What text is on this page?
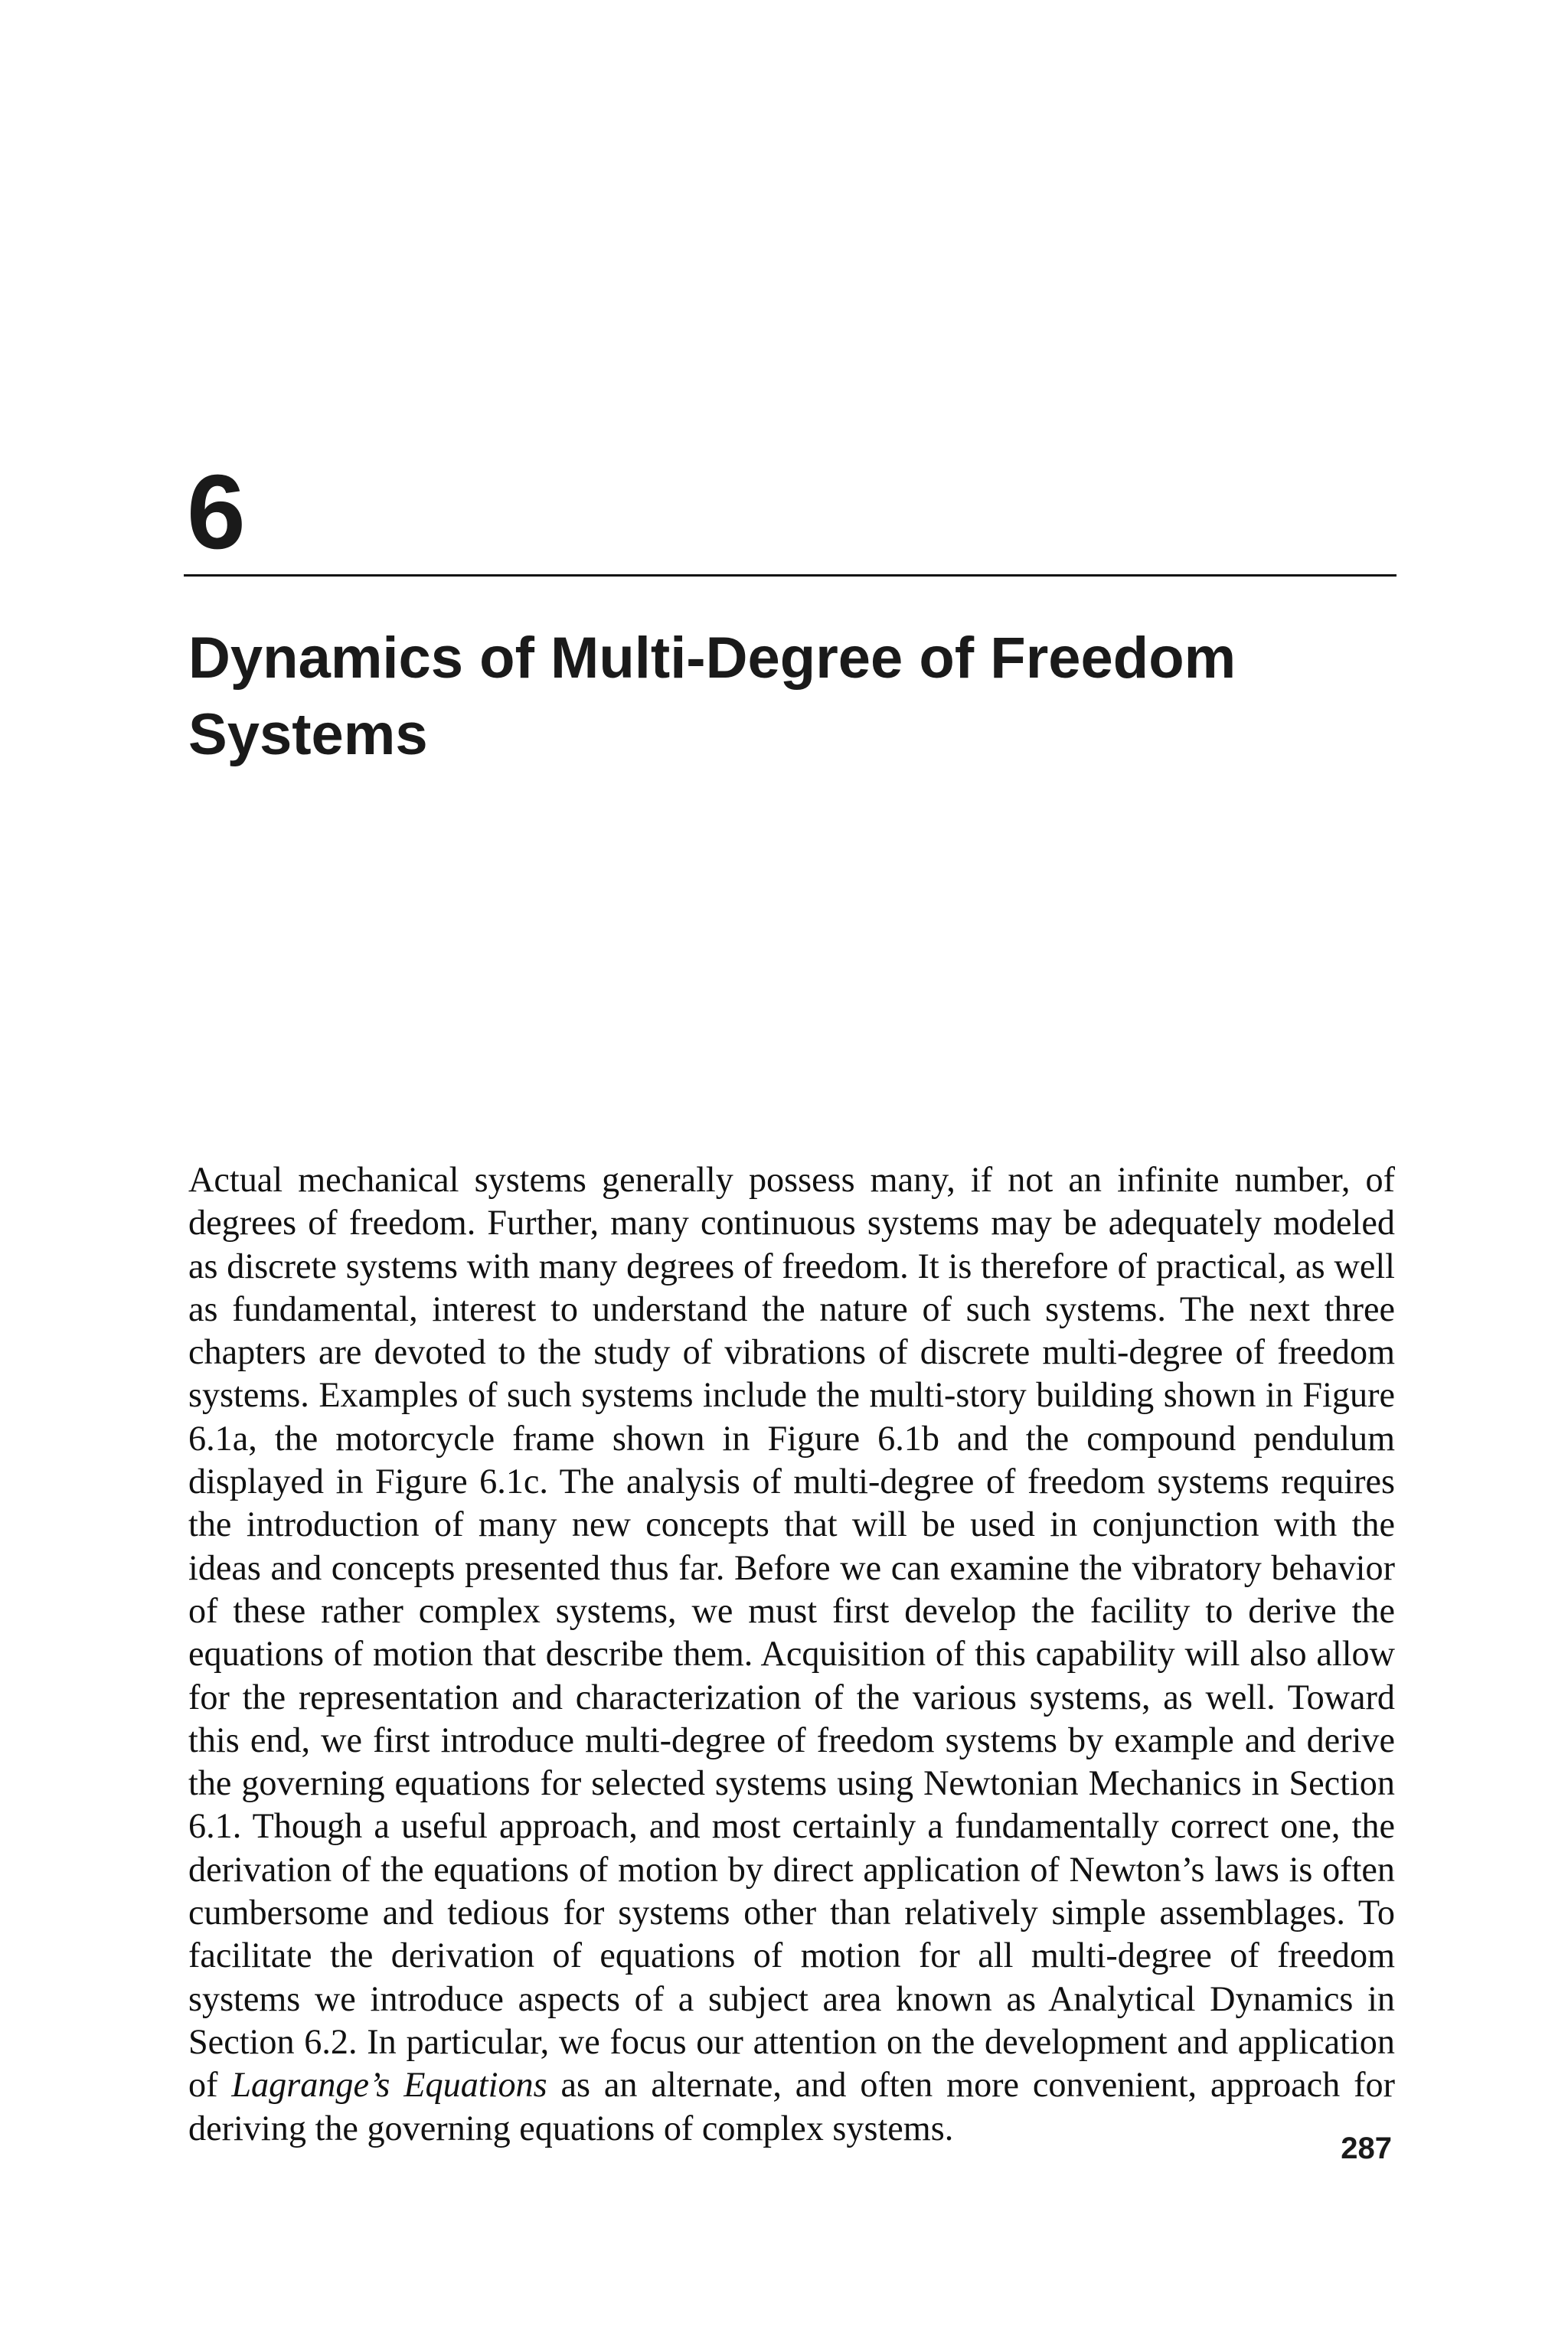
6
Dynamics of Multi-Degree of Freedom
Systems

Actual mechanical systems generally possess many, if not an infinite number, of degrees of freedom. Further, many continuous systems may be adequately modeled as discrete systems with many degrees of freedom. It is therefore of practical, as well as fundamental, interest to understand the nature of such systems. The next three chapters are devoted to the study of vibrations of discrete multi-degree of freedom systems. Examples of such systems include the multi-story building shown in Figure 6.1a, the motorcycle frame shown in Figure 6.1b and the compound pendulum displayed in Figure 6.1c. The analysis of multi-degree of freedom systems requires the introduction of many new concepts that will be used in conjunction with the ideas and concepts presented thus far. Before we can examine the vibratory behavior of these rather complex systems, we must first develop the facility to derive the equations of motion that describe them. Acquisition of this capability will also allow for the representation and characterization of the various systems, as well. Toward this end, we first introduce multi-degree of freedom systems by example and derive the governing equations for selected systems using Newtonian Mechanics in Section 6.1. Though a useful approach, and most certainly a fundamentally correct one, the derivation of the equations of motion by direct application of Newton’s laws is often cumbersome and tedious for systems other than relatively simple assemblages. To facilitate the derivation of equations of motion for all multi-degree of freedom systems we introduce aspects of a subject area known as Analytical Dynamics in Section 6.2. In particular, we focus our attention on the development and application of Lagrange’s Equations as an alternate, and often more convenient, approach for deriving the governing equations of complex systems.

287
